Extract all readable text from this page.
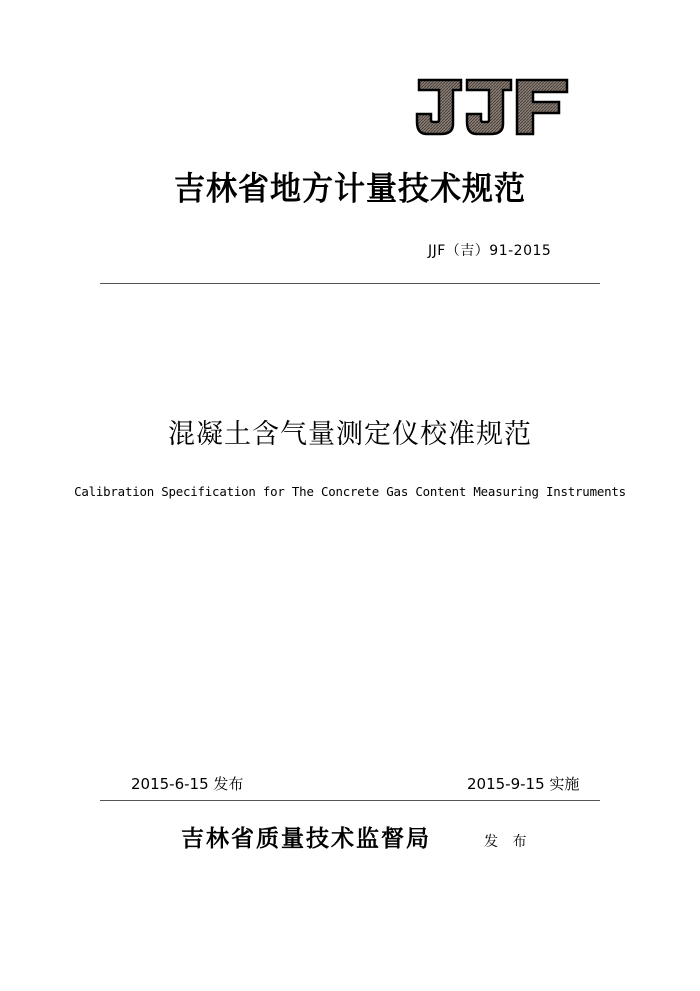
吉林省地方计量技术规范
JJF（吉）91-2015
混凝土含气量测定仪校准规范
Calibration Specification for The Concrete Gas Content Measuring Instruments
2015-6-15 发布	2015-9-15 实施
吉林省质量技术监督局	发 布
